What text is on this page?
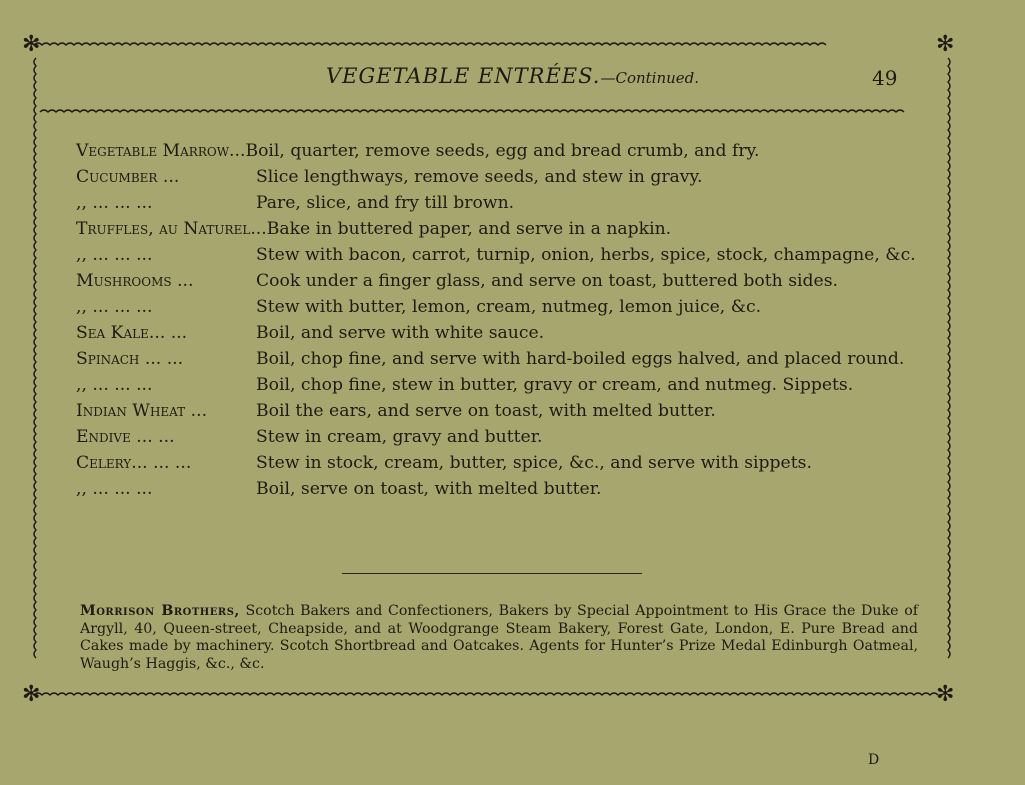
✻	✻
✻	✻
VEGETABLE ENTRÉES.—Continued.	49
Vegetable Marrow... Boil, quarter, remove seeds, egg and bread crumb, and fry.
Cucumber ...	Slice lengthways, remove seeds, and stew in gravy.
,, ... ... ...	Pare, slice, and fry till brown.
Truffles, au Naturel... Bake in buttered paper, and serve in a napkin.
,, ... ... ...	Stew with bacon, carrot, turnip, onion, herbs, spice, stock, champagne, &c.
Mushrooms ...	Cook under a finger glass, and serve on toast, buttered both sides.
,, ... ... ...	Stew with butter, lemon, cream, nutmeg, lemon juice, &c.
Sea Kale... ...	Boil, and serve with white sauce.
Spinach ... ...	Boil, chop fine, and serve with hard-boiled eggs halved, and placed round.
,, ... ... ...	Boil, chop fine, stew in butter, gravy or cream, and nutmeg. Sippets.
Indian Wheat ...	Boil the ears, and serve on toast, with melted butter.
Endive ... ...	Stew in cream, gravy and butter.
Celery... ... ...	Stew in stock, cream, butter, spice, &c., and serve with sippets.
,, ... ... ...	Boil, serve on toast, with melted butter.
Morrison Brothers, Scotch Bakers and Confectioners, Bakers by Special Appointment to His Grace the Duke of Argyll, 40, Queen-street, Cheapside, and at Woodgrange Steam Bakery, Forest Gate, London, E. Pure Bread and Cakes made by machinery. Scotch Shortbread and Oatcakes. Agents for Hunter’s Prize Medal Edinburgh Oatmeal, Waugh’s Haggis, &c., &c.
D
